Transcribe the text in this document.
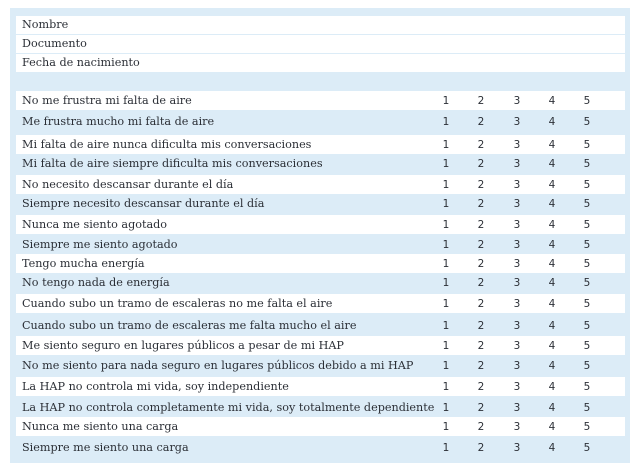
Nombre
Documento
Fecha de nacimiento
No me frustra mi falta de aire	1	2	3	4	5
Me frustra mucho mi falta de aire	1	2	3	4	5
Mi falta de aire nunca dificulta mis conversaciones	1	2	3	4	5
Mi falta de aire siempre dificulta mis conversaciones	1	2	3	4	5
No necesito descansar durante el día	1	2	3	4	5
Siempre necesito descansar durante el día	1	2	3	4	5
Nunca me siento agotado	1	2	3	4	5
Siempre me siento agotado	1	2	3	4	5
Tengo mucha energía	1	2	3	4	5
No tengo nada de energía	1	2	3	4	5
Cuando subo un tramo de escaleras no me falta el aire	1	2	3	4	5
Cuando subo un tramo de escaleras me falta mucho el aire	1	2	3	4	5
Me siento seguro en lugares públicos a pesar de mi HAP	1	2	3	4	5
No me siento para nada seguro en lugares públicos debido a mi HAP	1	2	3	4	5
La HAP no controla mi vida, soy independiente	1	2	3	4	5
La HAP no controla completamente mi vida, soy totalmente dependiente 1	2	3	4	5
Nunca me siento una carga	1	2	3	4	5
Siempre me siento una carga	1	2	3	4	5
